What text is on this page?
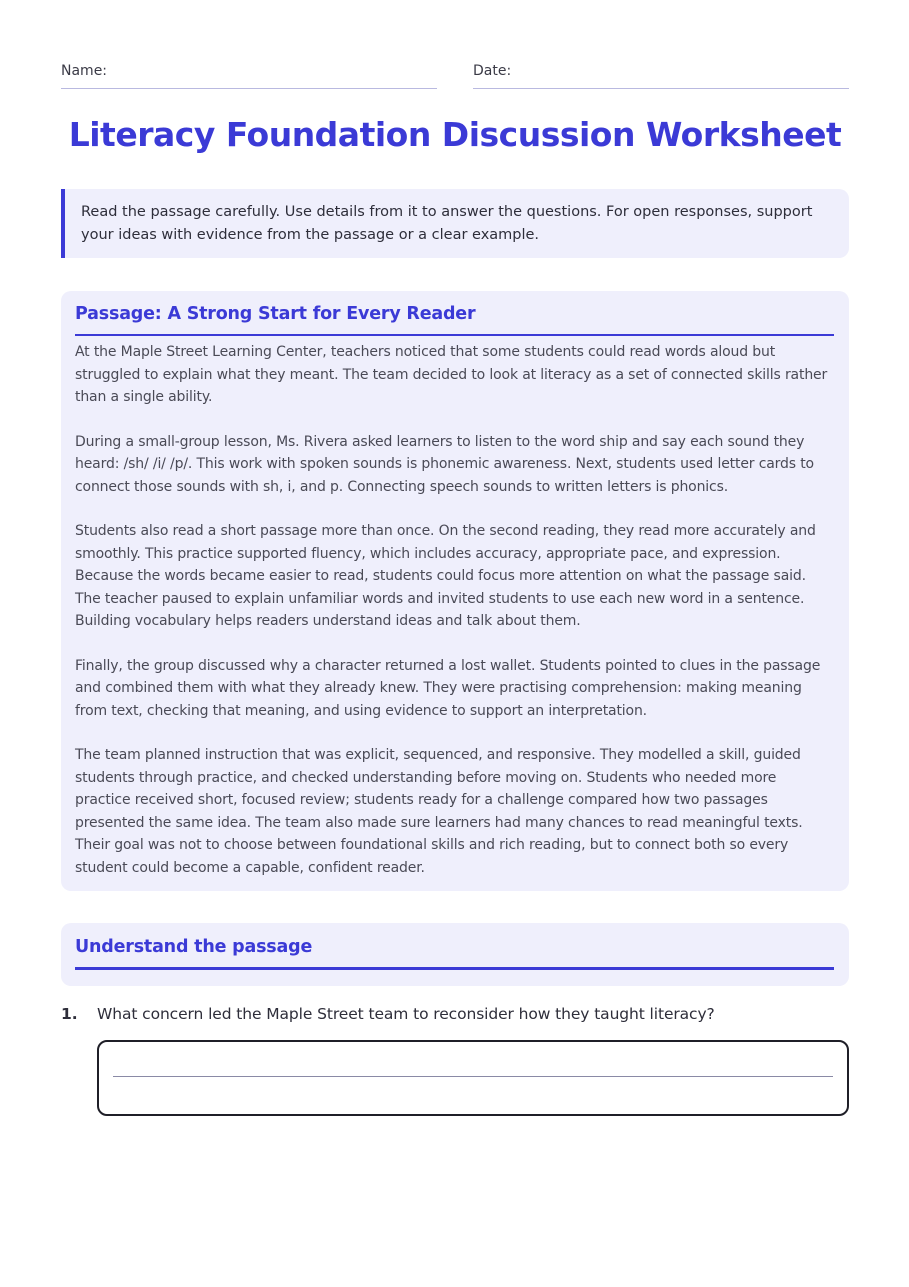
Name:	Date:
Literacy Foundation Discussion Worksheet
Read the passage carefully. Use details from it to answer the questions. For open responses, support your ideas with evidence from the passage or a clear example.
Passage: A Strong Start for Every Reader

At the Maple Street Learning Center, teachers noticed that some students could read words aloud but struggled to explain what they meant. The team decided to look at literacy as a set of connected skills rather than a single ability.

During a small-group lesson, Ms. Rivera asked learners to listen to the word ship and say each sound they heard: /sh/ /i/ /p/. This work with spoken sounds is phonemic awareness. Next, students used letter cards to connect those sounds with sh, i, and p. Connecting speech sounds to written letters is phonics.

Students also read a short passage more than once. On the second reading, they read more accurately and smoothly. This practice supported fluency, which includes accuracy, appropriate pace, and expression. Because the words became easier to read, students could focus more attention on what the passage said. The teacher paused to explain unfamiliar words and invited students to use each new word in a sentence. Building vocabulary helps readers understand ideas and talk about them.

Finally, the group discussed why a character returned a lost wallet. Students pointed to clues in the passage and combined them with what they already knew. They were practising comprehension: making meaning from text, checking that meaning, and using evidence to support an interpretation.

The team planned instruction that was explicit, sequenced, and responsive. They modelled a skill, guided students through practice, and checked understanding before moving on. Students who needed more practice received short, focused review; students ready for a challenge compared how two passages presented the same idea. The team also made sure learners had many chances to read meaningful texts. Their goal was not to choose between foundational skills and rich reading, but to connect both so every student could become a capable, confident reader.

Understand the passage
1. What concern led the Maple Street team to reconsider how they taught literacy?
